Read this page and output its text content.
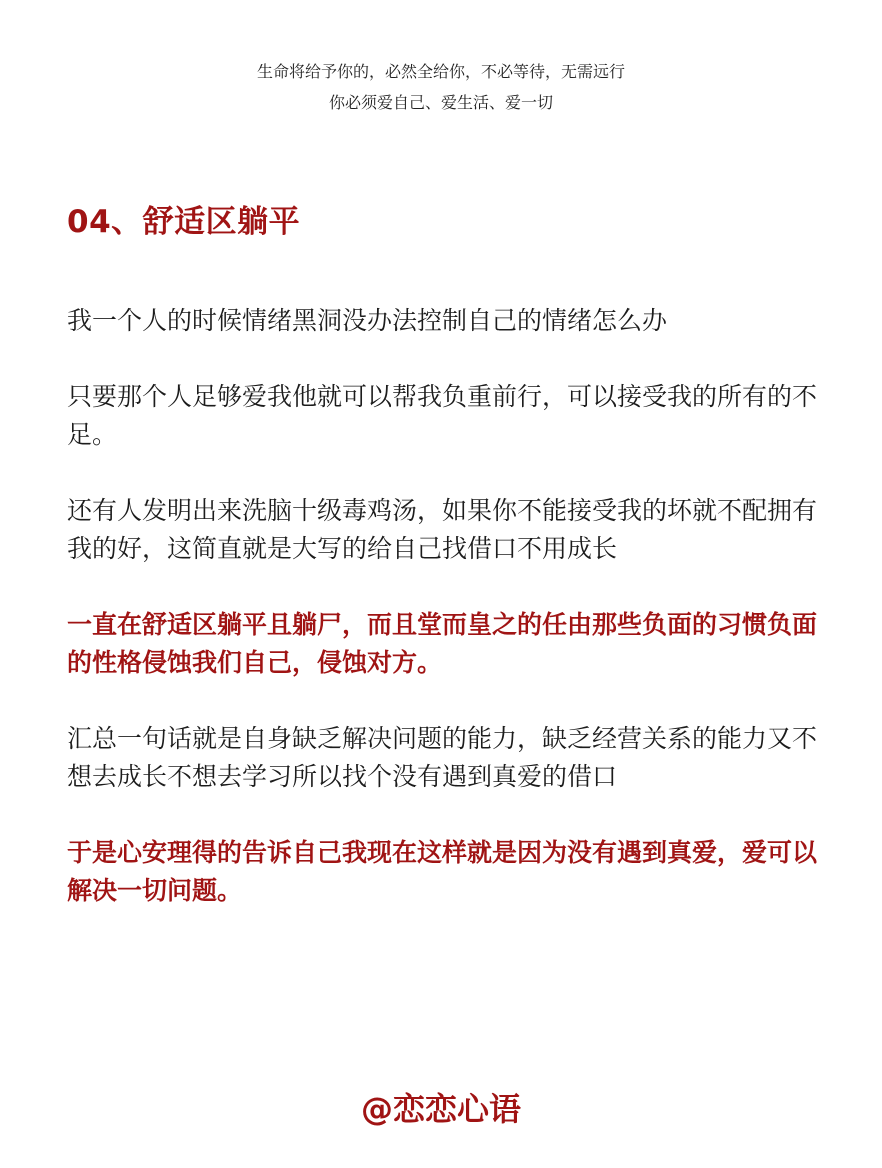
生命将给予你的，必然全给你，不必等待，无需远行
你必须爱自己、爱生活、爱一切
04、舒适区躺平

我一个人的时候情绪黑洞没办法控制自己的情绪怎么办

只要那个人足够爱我他就可以帮我负重前行，可以接受我的所有的不足。

还有人发明出来洗脑十级毒鸡汤，如果你不能接受我的坏就不配拥有我的好，这简直就是大写的给自己找借口不用成长

一直在舒适区躺平且躺尸，而且堂而皇之的任由那些负面的习惯负面的性格侵蚀我们自己，侵蚀对方。

汇总一句话就是自身缺乏解决问题的能力，缺乏经营关系的能力又不想去成长不想去学习所以找个没有遇到真爱的借口

于是心安理得的告诉自己我现在这样就是因为没有遇到真爱，爱可以解决一切问题。

@恋恋心语
